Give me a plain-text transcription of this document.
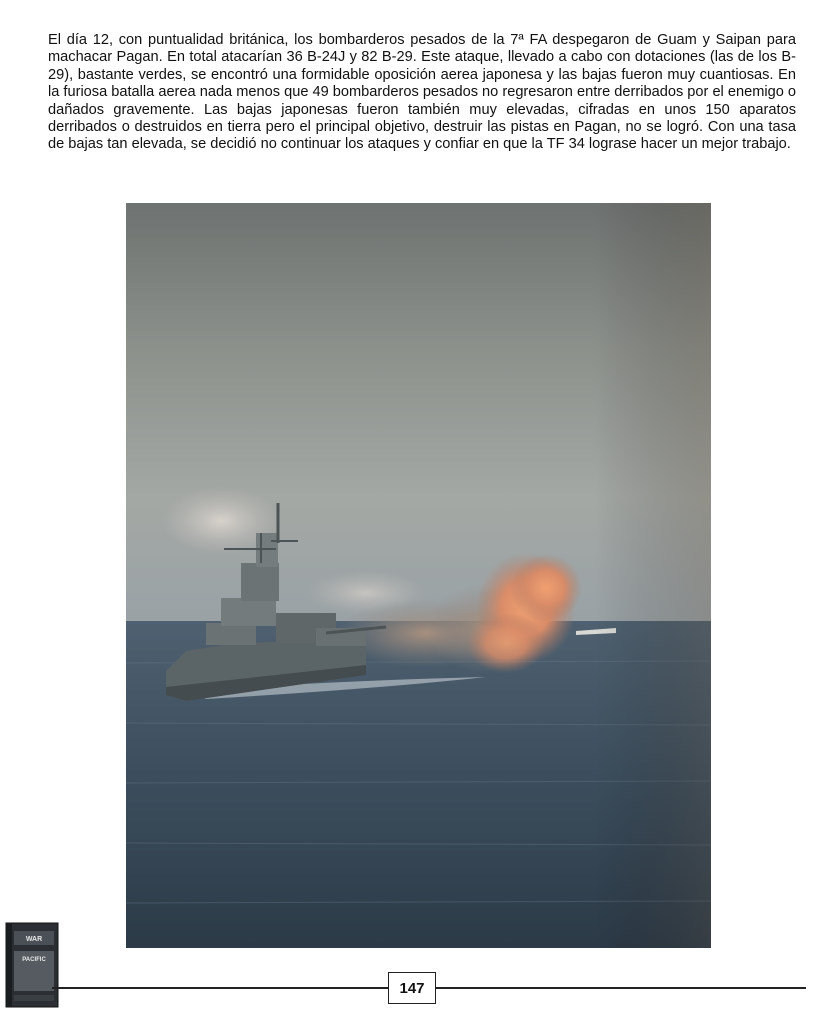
El día 12, con puntualidad británica, los bombarderos pesados de la 7ª FA despegaron de Guam y Saipan para machacar Pagan. En total atacarían 36 B-24J y 82 B-29. Este ataque, llevado a cabo con dotaciones (las de los B-29), bastante verdes, se encontró una formidable oposición aerea japonesa y las bajas fueron muy cuantiosas. En la furiosa batalla aerea nada menos que 49 bombarderos pesados no regresaron entre derribados por el enemigo o dañados gravemente. Las bajas japonesas fueron también muy elevadas, cifradas en unos 150 aparatos derribados o destruidos en tierra pero el principal objetivo, destruir las pistas en Pagan, no se logró. Con una tasa de bajas tan elevada, se decidió no continuar los ataques y confiar en que la TF 34 lograse hacer un mejor trabajo.

WAR
PACIFIC
147
